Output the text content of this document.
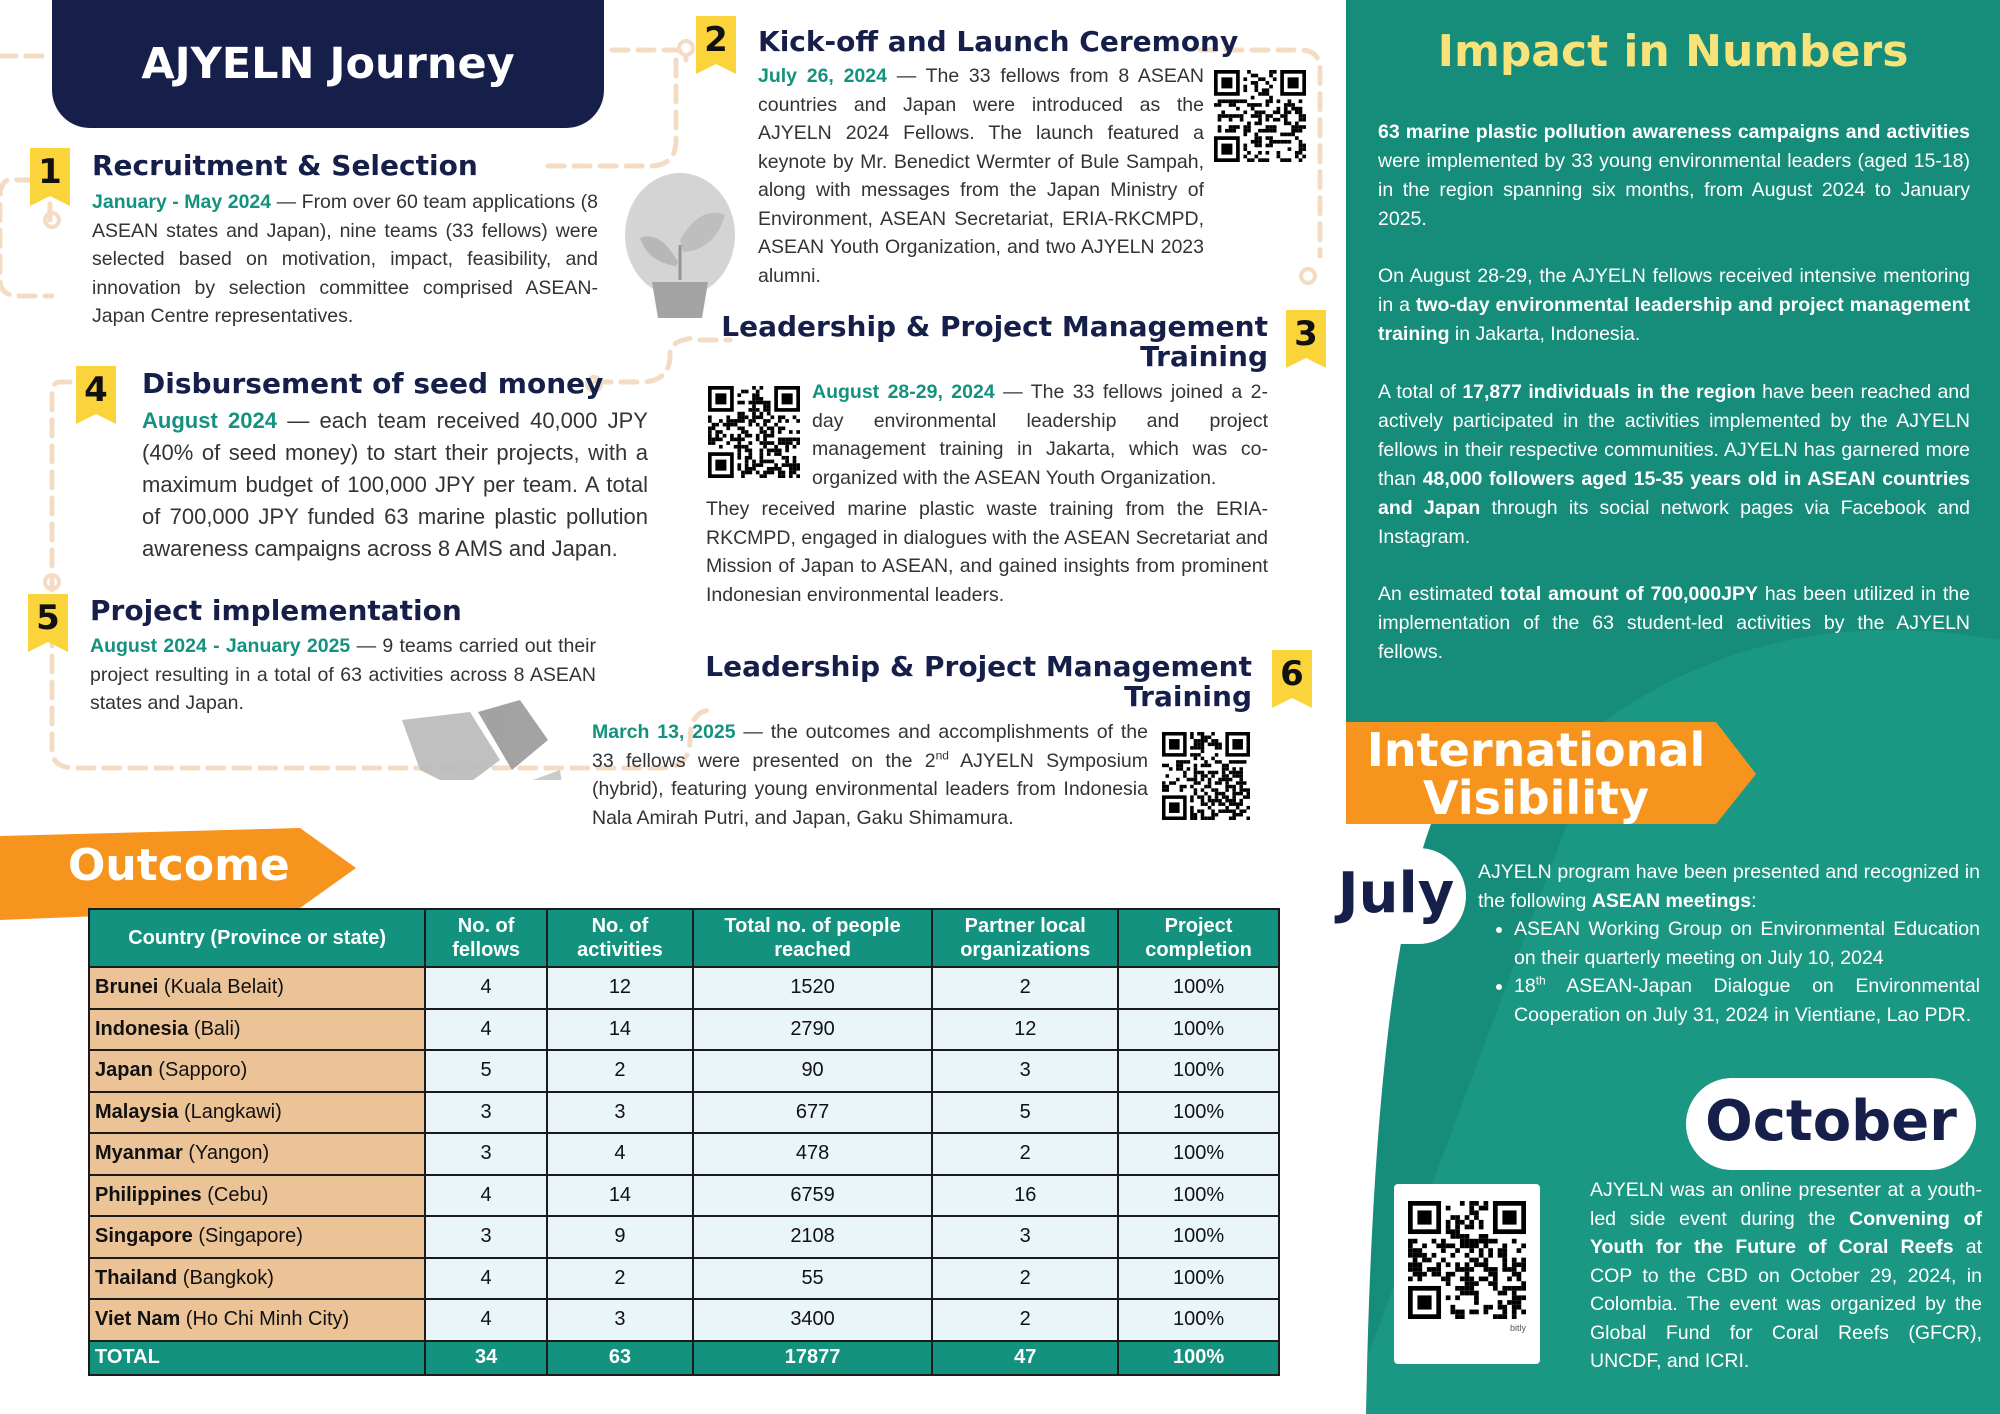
AJYELN Journey
1 Recruitment & Selection
January - May 2024 — From over 60 team applications (8 ASEAN states and Japan), nine teams (33 fellows) were selected based on motivation, impact, feasibility, and innovation by selection committee comprised ASEAN-Japan Centre representatives.
2 Kick-off and Launch Ceremony
July 26, 2024 — The 33 fellows from 8 ASEAN countries and Japan were introduced as the AJYELN 2024 Fellows. The launch featured a keynote by Mr. Benedict Wermter of Bule Sampah, along with messages from the Japan Ministry of Environment, ASEAN Secretariat, ERIA-RKCMPD, ASEAN Youth Organization, and two AJYELN 2023 alumni.
Leadership & Project Management Training
3
August 28-29, 2024 — The 33 fellows joined a 2-day environmental leadership and project management training in Jakarta, which was co-organized with the ASEAN Youth Organization.
They received marine plastic waste training from the ERIA-RKCMPD, engaged in dialogues with the ASEAN Secretariat and Mission of Japan to ASEAN, and gained insights from prominent Indonesian environmental leaders.
4 Disbursement of seed money
August 2024 — each team received 40,000 JPY (40% of seed money) to start their projects, with a maximum budget of 100,000 JPY per team. A total of 700,000 JPY funded 63 marine plastic pollution awareness campaigns across 8 AMS and Japan.
5 Project implementation
August 2024 - January 2025 — 9 teams carried out their project resulting in a total of 63 activities across 8 ASEAN states and Japan.
Leadership & Project Management Training
6
March 13, 2025 — the outcomes and accomplishments of the 33 fellows were presented on the 2nd AJYELN Symposium (hybrid), featuring young environmental leaders from Indonesia Nala Amirah Putri, and Japan, Gaku Shimamura.
Outcome
Country (Province or state)	No. of fellows	No. of activities	Total no. of people reached	Partner local organizations	Project completion
Brunei (Kuala Belait)	4	12	1520	2	100%
Indonesia (Bali)	4	14	2790	12	100%
Japan (Sapporo)	5	2	90	3	100%
Malaysia (Langkawi)	3	3	677	5	100%
Myanmar (Yangon)	3	4	478	2	100%
Philippines (Cebu)	4	14	6759	16	100%
Singapore (Singapore)	3	9	2108	3	100%
Thailand (Bangkok)	4	2	55	2	100%
Viet Nam (Ho Chi Minh City)	4	3	3400	2	100%
TOTAL	34	63	17877	47	100%
Impact in Numbers
63 marine plastic pollution awareness campaigns and activities were implemented by 33 young environmental leaders (aged 15-18) in the region spanning six months, from August 2024 to January 2025.
On August 28-29, the AJYELN fellows received intensive mentoring in a two-day environmental leadership and project management training in Jakarta, Indonesia.
A total of 17,877 individuals in the region have been reached and actively participated in the activities implemented by the AJYELN fellows in their respective communities. AJYELN has garnered more than 48,000 followers aged 15-35 years old in ASEAN countries and Japan through its social network pages via Facebook and Instagram.
An estimated total amount of 700,000JPY has been utilized in the implementation of the 63 student-led activities by the AJYELN fellows.
International
Visibility
July	AJYELN program have been presented and recognized in the following ASEAN meetings:
• ASEAN Working Group on Environmental Education on their quarterly meeting on July 10, 2024
• 18th ASEAN-Japan Dialogue on Environmental Cooperation on July 31, 2024 in Vientiane, Lao PDR.
October
bitly
AJYELN was an online presenter at a youth-led side event during the Convening of Youth for the Future of Coral Reefs at COP to the CBD on October 29, 2024, in Colombia. The event was organized by the Global Fund for Coral Reefs (GFCR), UNCDF, and ICRI.
